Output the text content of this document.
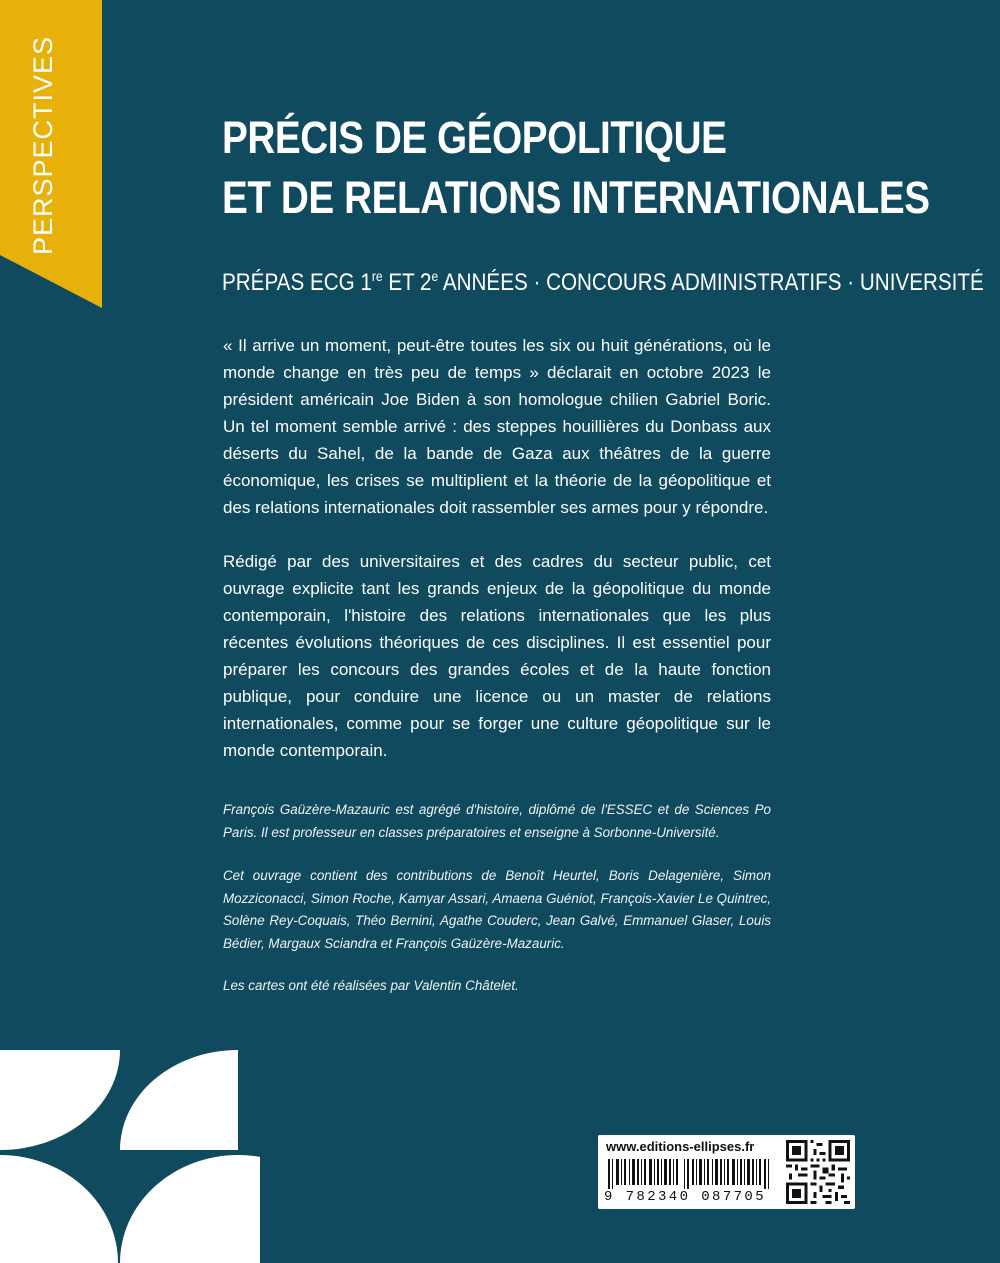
PERSPECTIVES	PRÉCIS DE GÉOPOLITIQUE
ET DE RELATIONS INTERNATIONALES
PRÉPAS ECG 1re ET 2e ANNÉES · CONCOURS ADMINISTRATIFS · UNIVERSITÉ

« Il arrive un moment, peut-être toutes les six ou huit générations, où le monde change en très peu de temps » déclarait en octobre 2023 le président américain Joe Biden à son homologue chilien Gabriel Boric. Un tel moment semble arrivé : des steppes houillières du Donbass aux déserts du Sahel, de la bande de Gaza aux théâtres de la guerre économique, les crises se multiplient et la théorie de la géopolitique et des relations internationales doit rassembler ses armes pour y répondre.

Rédigé par des universitaires et des cadres du secteur public, cet ouvrage explicite tant les grands enjeux de la géopolitique du monde contemporain, l'histoire des relations internationales que les plus récentes évolutions théoriques de ces disciplines. Il est essentiel pour préparer les concours des grandes écoles et de la haute fonction publique, pour conduire une licence ou un master de relations internationales, comme pour se forger une culture géopolitique sur le monde contemporain.

François Gaüzère-Mazauric est agrégé d'histoire, diplômé de l'ESSEC et de Sciences Po Paris. Il est professeur en classes préparatoires et enseigne à Sorbonne-Université.

Cet ouvrage contient des contributions de Benoît Heurtel, Boris Delagenière, Simon Mozziconacci, Simon Roche, Kamyar Assari, Amaena Guéniot, François-Xavier Le Quintrec, Solène Rey-Coquais, Théo Bernini, Agathe Couderc, Jean Galvé, Emmanuel Glaser, Louis Bédier, Margaux Sciandra et François Gaüzère-Mazauric.

Les cartes ont été réalisées par Valentin Châtelet.

www.editions-ellipses.fr
9 782340 087705
